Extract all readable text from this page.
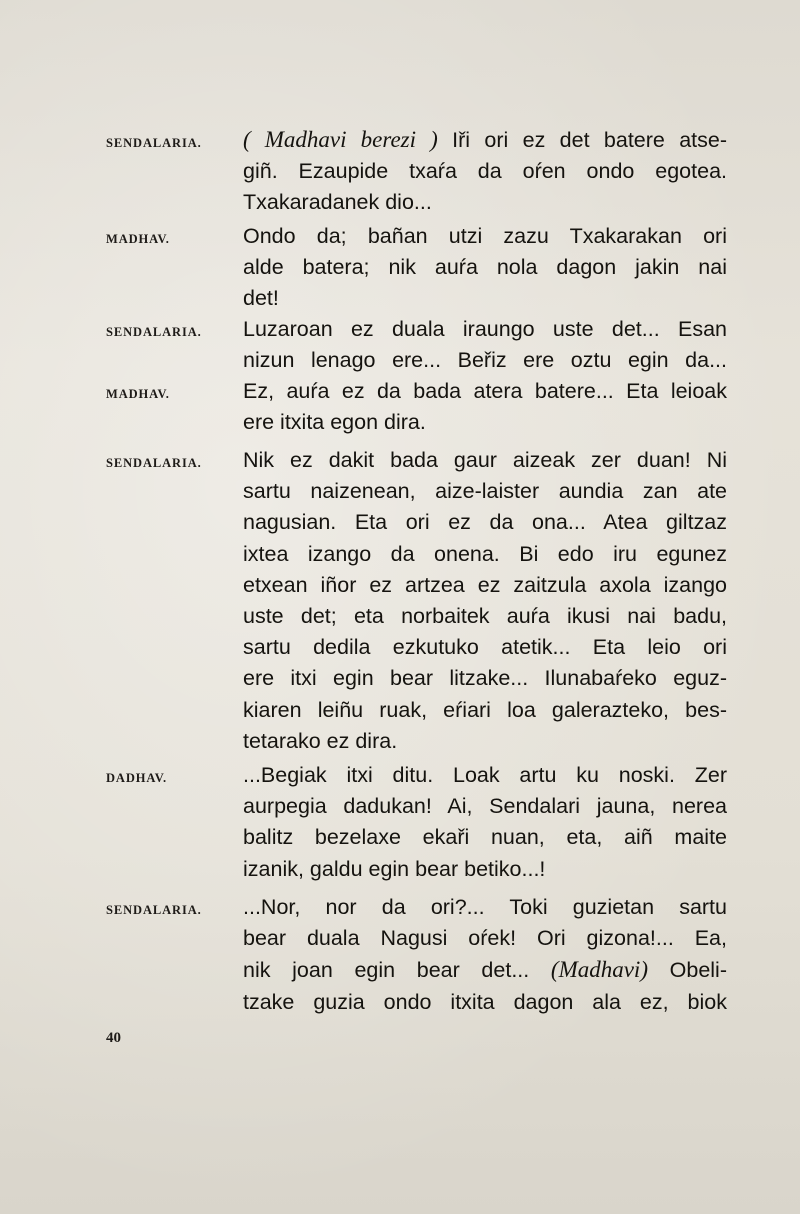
SENDALARIA.	( Madhavi berezi ) Iři ori ez det batere atse-
giñ. Ezaupide txaŕa da oŕen ondo egotea.
Txakaradanek dio...
MADHAV.	Ondo da; bañan utzi zazu Txakarakan ori
alde batera; nik auŕa nola dagon jakin nai
det!
SENDALARIA.	Luzaroan ez duala iraungo uste det... Esan
nizun lenago ere... Beřiz ere oztu egin da...
MADHAV.	Ez, auŕa ez da bada atera batere... Eta leioak
ere itxita egon dira.
SENDALARIA.	Nik ez dakit bada gaur aizeak zer duan! Ni
sartu naizenean, aize-laister aundia zan ate
nagusian. Eta ori ez da ona... Atea giltzaz
ixtea izango da onena. Bi edo iru egunez
etxean iñor ez artzea ez zaitzula axola izango
uste det; eta norbaitek auŕa ikusi nai badu,
sartu dedila ezkutuko atetik... Eta leio ori
ere itxi egin bear litzake... Ilunabaŕeko eguz-
kiaren leiñu ruak, eŕiari loa galerazteko, bes-
tetarako ez dira.
DADHAV.	...Begiak itxi ditu. Loak artu ku noski. Zer
aurpegia dadukan! Ai, Sendalari jauna, nerea
balitz bezelaxe ekaři nuan, eta, aiñ maite
izanik, galdu egin bear betiko...!
SENDALARIA.	...Nor, nor da ori?... Toki guzietan sartu
bear duala Nagusi oŕek! Ori gizona!... Ea,
nik joan egin bear det... (Madhavi) Obeli-
tzake guzia ondo itxita dagon ala ez, biok
40
